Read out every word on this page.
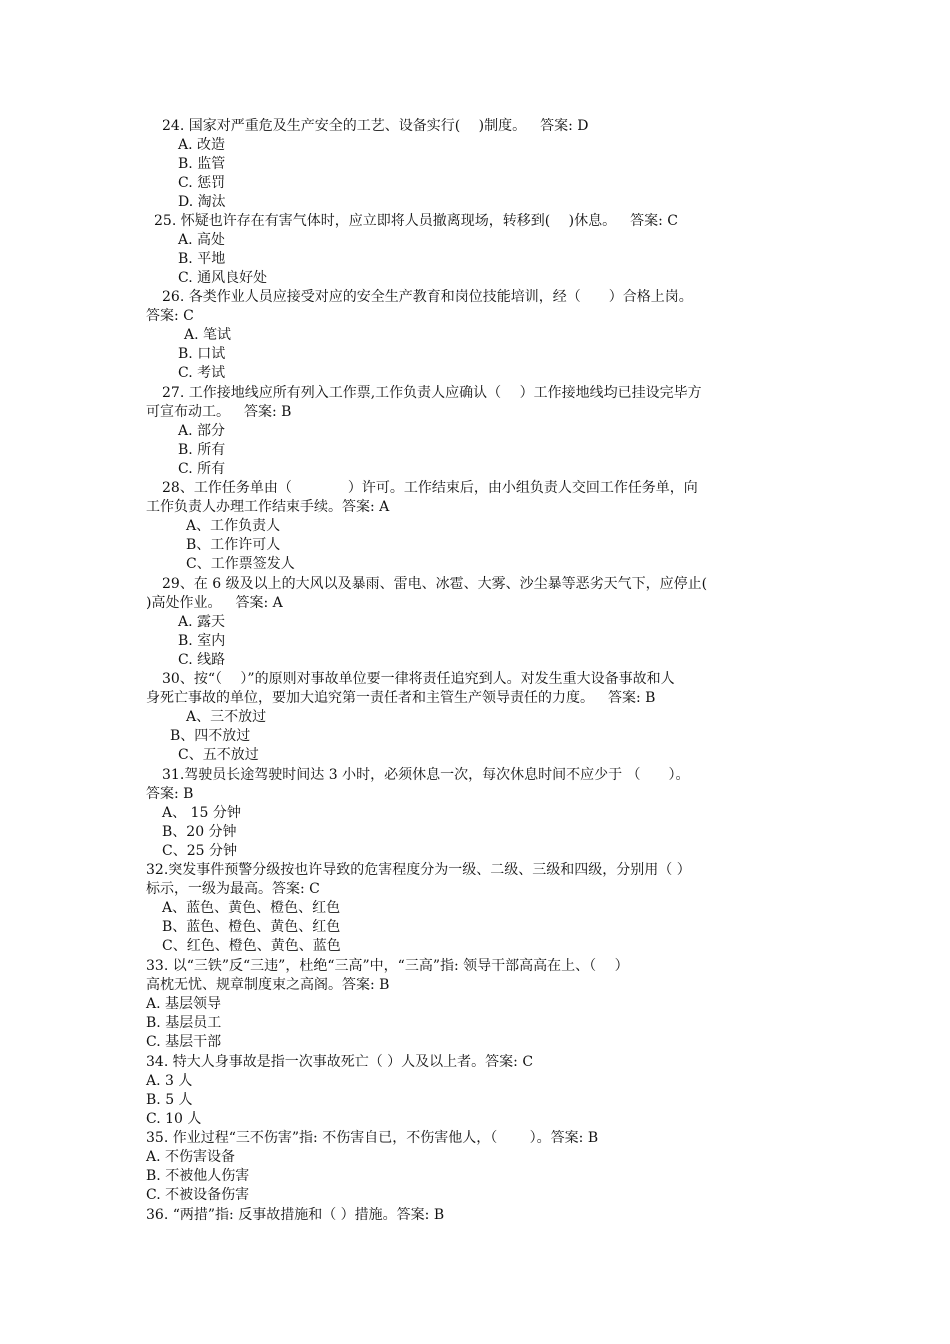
24. 国家对严重危及生产安全的工艺、设备实行(　 )制度。 答案: D
A. 改造
B. 监管
C. 惩罚
D. 淘汰
25. 怀疑也许存在有害气体时，应立即将人员撤离现场，转移到(　 )休息。 答案: C
A. 高处
B. 平地
C. 通风良好处
26. 各类作业人员应接受对应的安全生产教育和岗位技能培训，经（　　）合格上岗。
答案: C
A. 笔试
B. 口试
C. 考试
27. 工作接地线应所有列入工作票,工作负责人应确认（　 ）工作接地线均已挂设完毕方
可宣布动工。 答案: B
A. 部分
B. 所有
C. 所有
28、工作任务单由（　　　　）许可。工作结束后，由小组负责人交回工作任务单，向
工作负责人办理工作结束手续。答案: A
A、工作负责人
B、工作许可人
C、工作票签发人
29、在 6 级及以上的大风以及暴雨、雷电、冰雹、大雾、沙尘暴等恶劣天气下，应停止(
)高处作业。 答案: A
A. 露天
B. 室内
C. 线路
30、按“（　 ）”的原则对事故单位要一律将责任追究到人。对发生重大设备事故和人
身死亡事故的单位，要加大追究第一责任者和主管生产领导责任的力度。 答案: B
A、三不放过
B、四不放过
C、五不放过
31.驾驶员长途驾驶时间达 3 小时，必须休息一次，每次休息时间不应少于 （　　）。
答案: B
A、 15 分钟
B、20 分钟
C、25 分钟
32.突发事件预警分级按也许导致的危害程度分为一级、二级、三级和四级，分别用（ ）
标示，一级为最高。答案: C
A、蓝色、黄色、橙色、红色
B、蓝色、橙色、黄色、红色
C、红色、橙色、黄色、蓝色
33. 以“三铁”反“三违”，杜绝“三高”中，“三高”指: 领导干部高高在上、（　 ）
高枕无忧、规章制度束之高阁。答案: B
A. 基层领导
B. 基层员工
C. 基层干部
34. 特大人身事故是指一次事故死亡（ ）人及以上者。答案: C
A. 3 人
B. 5 人
C. 10 人
35. 作业过程“三不伤害”指: 不伤害自已，不伤害他人，（　　 ）。答案: B
A. 不伤害设备
B. 不被他人伤害
C. 不被设备伤害
36. “两措”指: 反事故措施和（ ）措施。答案: B
